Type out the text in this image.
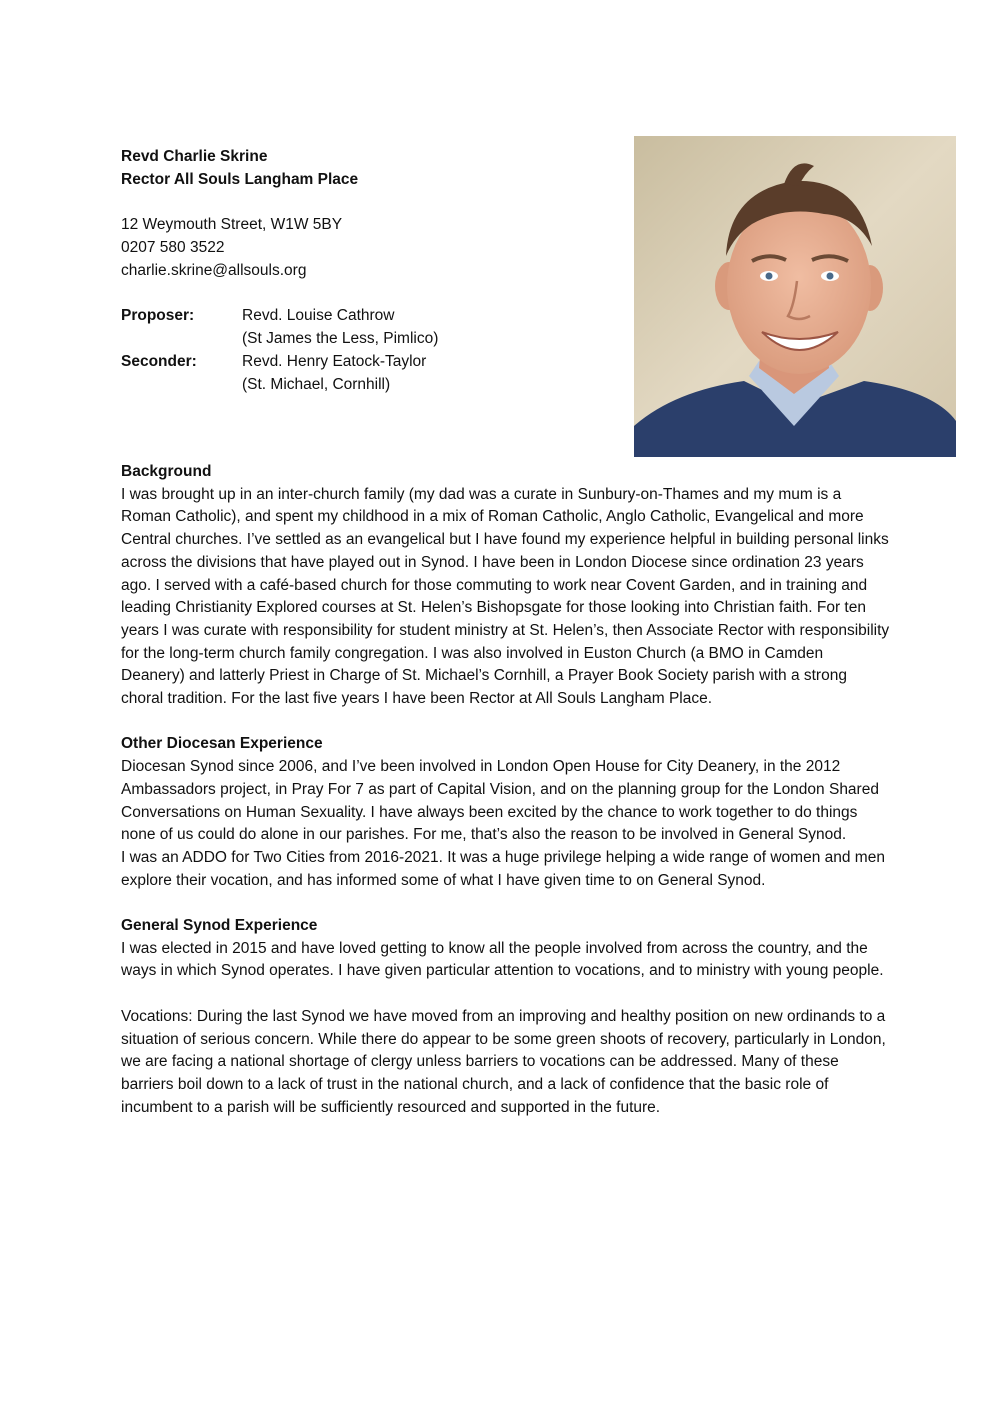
Revd Charlie Skrine
Rector All Souls Langham Place
12 Weymouth Street, W1W 5BY
0207 580 3522
charlie.skrine@allsouls.org
Proposer:	Revd. Louise Cathrow
(St James the Less, Pimlico)
Seconder:	Revd. Henry Eatock-Taylor
(St. Michael, Cornhill)

Background

I was brought up in an inter-church family (my dad was a curate in Sunbury-on-Thames and my mum is a Roman Catholic), and spent my childhood in a mix of Roman Catholic, Anglo Catholic, Evangelical and more Central churches. I’ve settled as an evangelical but I have found my experience helpful in building personal links across the divisions that have played out in Synod. I have been in London Diocese since ordination 23 years ago. I served with a café-based church for those commuting to work near Covent Garden, and in training and leading Christianity Explored courses at St. Helen’s Bishopsgate for those looking into Christian faith. For ten years I was curate with responsibility for student ministry at St. Helen’s, then Associate Rector with responsibility for the long-term church family congregation. I was also involved in Euston Church (a BMO in Camden Deanery) and latterly Priest in Charge of St. Michael’s Cornhill, a Prayer Book Society parish with a strong choral tradition. For the last five years I have been Rector at All Souls Langham Place.

Other Diocesan Experience

Diocesan Synod since 2006, and I’ve been involved in London Open House for City Deanery, in the 2012 Ambassadors project, in Pray For 7 as part of Capital Vision, and on the planning group for the London Shared Conversations on Human Sexuality. I have always been excited by the chance to work together to do things none of us could do alone in our parishes. For me, that’s also the reason to be involved in General Synod.

I was an ADDO for Two Cities from 2016-2021. It was a huge privilege helping a wide range of women and men explore their vocation, and has informed some of what I have given time to on General Synod.

General Synod Experience

I was elected in 2015 and have loved getting to know all the people involved from across the country, and the ways in which Synod operates. I have given particular attention to vocations, and to ministry with young people.

Vocations: During the last Synod we have moved from an improving and healthy position on new ordinands to a situation of serious concern. While there do appear to be some green shoots of recovery, particularly in London, we are facing a national shortage of clergy unless barriers to vocations can be addressed. Many of these barriers boil down to a lack of trust in the national church, and a lack of confidence that the basic role of incumbent to a parish will be sufficiently resourced and supported in the future.
